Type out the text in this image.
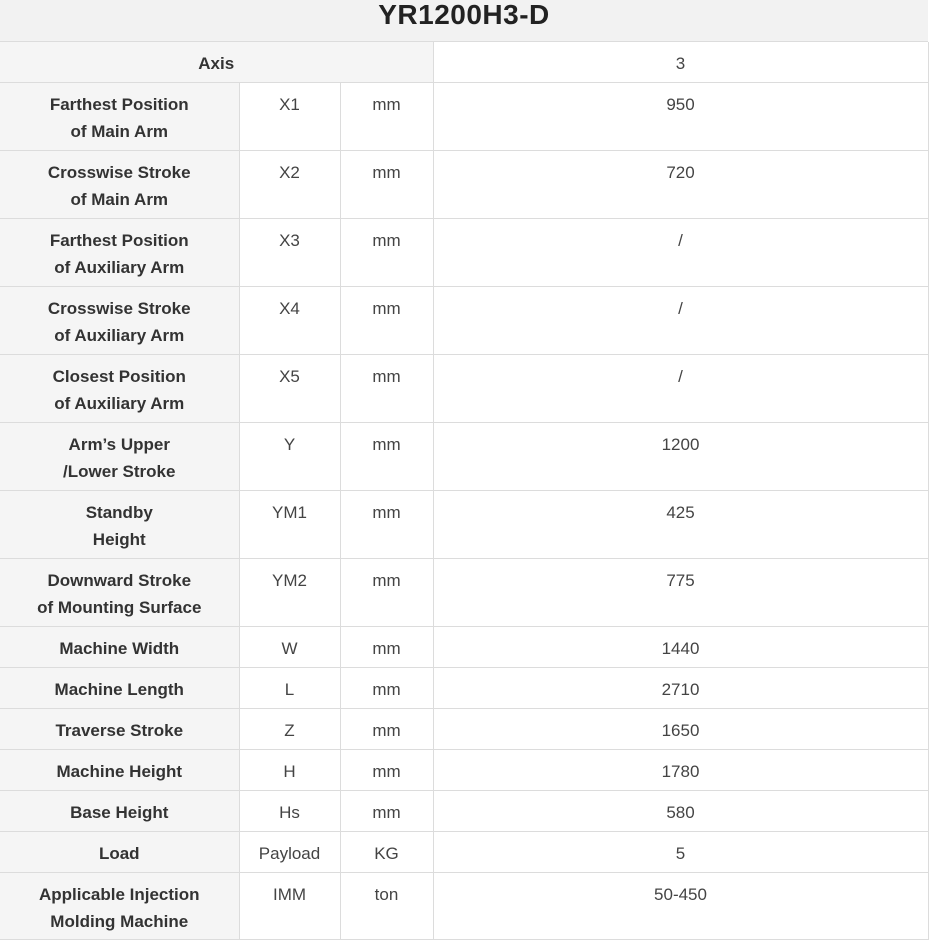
YR1200H3-D
Axis			3
Farthest Position
of Main Arm	X1	mm	950
Crosswise Stroke
of Main Arm	X2	mm	720
Farthest Position
of Auxiliary Arm	X3	mm	/
Crosswise Stroke
of Auxiliary Arm	X4	mm	/
Closest Position
of Auxiliary Arm	X5	mm	/
Arm’s Upper
/Lower Stroke	Y	mm	1200
Standby
Height	YM1	mm	425
Downward Stroke
of Mounting Surface	YM2	mm	775
Machine Width	W	mm	1440
Machine Length	L	mm	2710
Traverse Stroke	Z	mm	1650
Machine Height	H	mm	1780
Base Height	Hs	mm	580
Load	Payload	KG	5
Applicable Injection
Molding Machine	IMM	ton	50-450
